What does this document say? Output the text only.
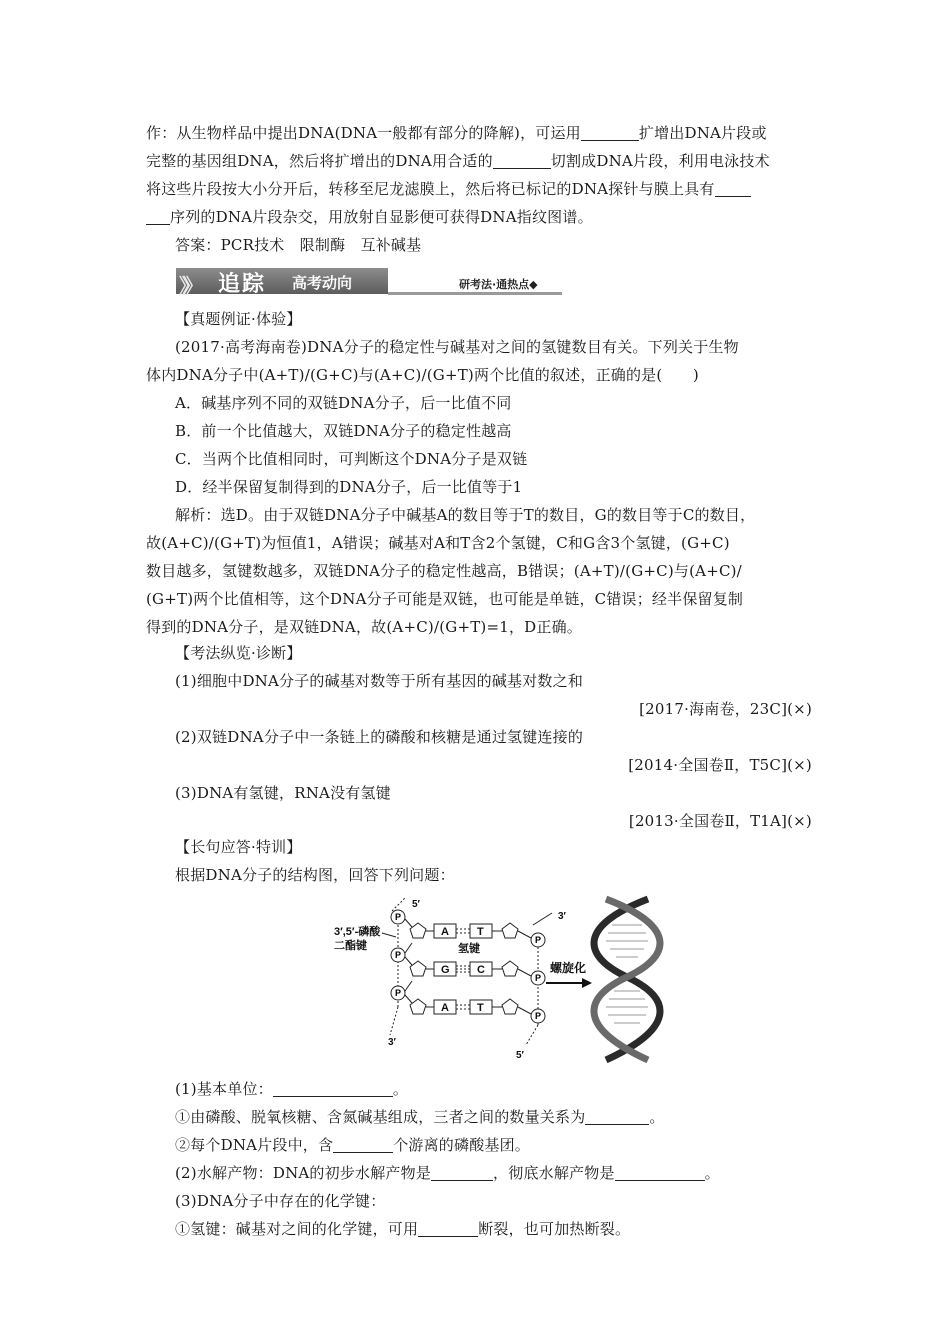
作：从生物样品中提出DNA(DNA一般都有部分的降解)，可运用	扩增出DNA片段或
完整的基因组DNA，然后将扩增出的DNA用合适的	切割成DNA片段，利用电泳技术
将这些片段按大小分开后，转移至尼龙滤膜上，然后将已标记的DNA探针与膜上具有
序列的DNA片段杂交，用放射自显影便可获得DNA指纹图谱。
答案：PCR技术　限制酶　互补碱基
》》 追踪 高考动向	研考法·通热点◆
【真题例证·体验】
(2017·高考海南卷)DNA分子的稳定性与碱基对之间的氢键数目有关。下列关于生物
体内DNA分子中(A+T)/(G+C)与(A+C)/(G+T)两个比值的叙述，正确的是(　　)
A．碱基序列不同的双链DNA分子，后一比值不同
B．前一个比值越大，双链DNA分子的稳定性越高
C．当两个比值相同时，可判断这个DNA分子是双链
D．经半保留复制得到的DNA分子，后一比值等于1
解析：选D。由于双链DNA分子中碱基A的数目等于T的数目，G的数目等于C的数目，
故(A+C)/(G+T)为恒值1，A错误；碱基对A和T含2个氢键，C和G含3个氢键，(G+C)
数目越多，氢键数越多，双链DNA分子的稳定性越高，B错误；(A+T)/(G+C)与(A+C)/
(G+T)两个比值相等，这个DNA分子可能是双链，也可能是单链，C错误；经半保留复制
得到的DNA分子，是双链DNA，故(A+C)/(G+T)=1，D正确。
【考法纵览·诊断】
(1)细胞中DNA分子的碱基对数等于所有基因的碱基对数之和
[2017·海南卷，23C](×)
(2)双链DNA分子中一条链上的磷酸和核糖是通过氢键连接的
[2014·全国卷Ⅱ，T5C](×)
(3)DNA有氢键，RNA没有氢键
[2013·全国卷Ⅱ，T1A](×)
【长句应答·特训】
根据DNA分子的结构图，回答下列问题：
5′
3′
3′
5′
3′,5′-磷酸
二酯键	氢键
螺旋化
P
P
P
P
P
P
A
G
A
T
C
T
(1)基本单位：	。
①由磷酸、脱氧核糖、含氮碱基组成，三者之间的数量关系为	。
②每个DNA片段中，含	个游离的磷酸基团。
(2)水解产物：DNA的初步水解产物是	，彻底水解产物是	。
(3)DNA分子中存在的化学键：
①氢键：碱基对之间的化学键，可用	断裂，也可加热断裂。
